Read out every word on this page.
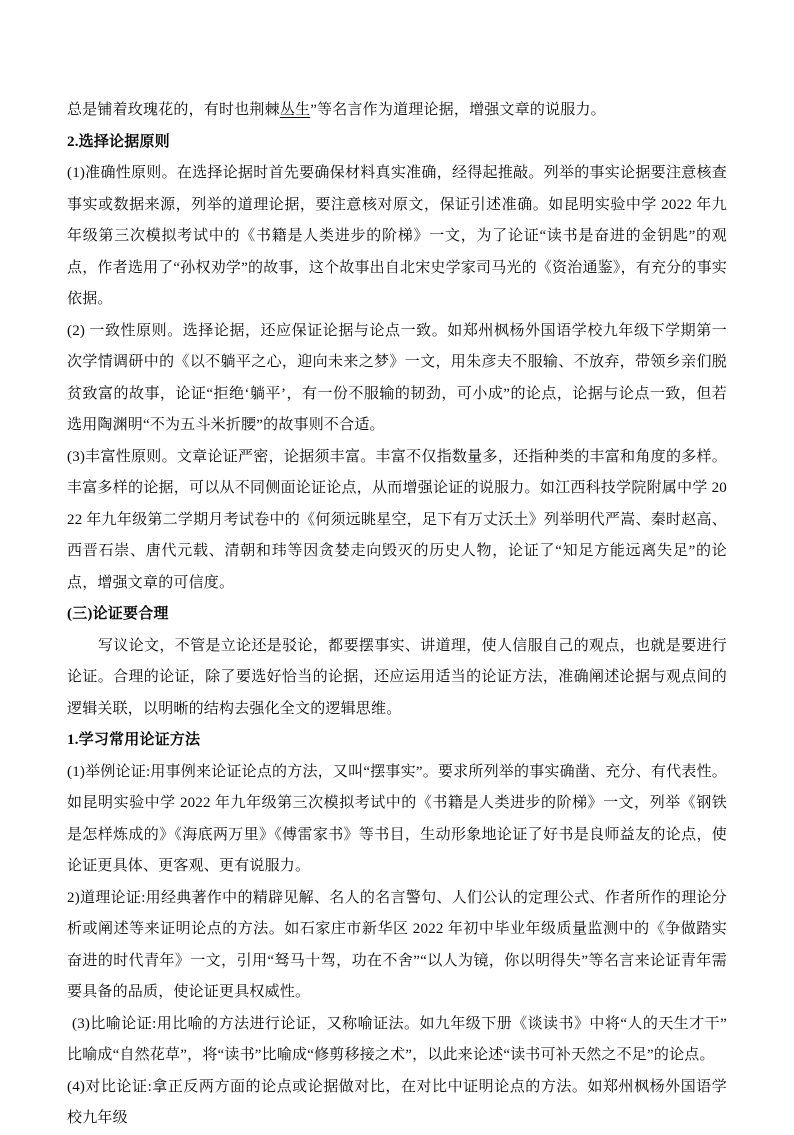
总是铺着玫瑰花的，有时也荆棘丛生”等名言作为道理论据，增强文章的说服力。

2.选择论据原则

(1)准确性原则。在选择论据时首先要确保材料真实准确，经得起推敲。列举的事实论据要注意核查事实或数据来源，列举的道理论据，要注意核对原文，保证引述准确。如昆明实验中学 2022 年九年级第三次模拟考试中的《书籍是人类进步的阶梯》一文，为了论证“读书是奋进的金钥匙”的观点，作者选用了“孙权劝学”的故事，这个故事出自北宋史学家司马光的《资治通鉴》，有充分的事实依据。

(2) 一致性原则。选择论据，还应保证论据与论点一致。如郑州枫杨外国语学校九年级下学期第一次学情调研中的《以不躺平之心，迎向未来之梦》一文，用朱彦夫不服输、不放弃，带领乡亲们脱贫致富的故事，论证“拒绝‘躺平’，有一份不服输的韧劲，可小成”的论点，论据与论点一致，但若选用陶渊明“不为五斗米折腰”的故事则不合适。

(3)丰富性原则。文章论证严密，论据须丰富。丰富不仅指数量多，还指种类的丰富和角度的多样。丰富多样的论据，可以从不同侧面论证论点，从而增强论证的说服力。如江西科技学院附属中学 2022 年九年级第二学期月考试卷中的《何须远眺星空，足下有万丈沃土》列举明代严嵩、秦时赵高、西晋石崇、唐代元载、清朝和玮等因贪婪走向毁灭的历史人物，论证了“知足方能远离失足”的论点，增强文章的可信度。

(三)论证要合理

写议论文，不管是立论还是驳论，都要摆事实、讲道理，使人信服自己的观点，也就是要进行论证。合理的论证，除了要选好恰当的论据，还应运用适当的论证方法，准确阐述论据与观点间的逻辑关联，以明晰的结构去强化全文的逻辑思维。

1.学习常用论证方法

(1)举例论证:用事例来论证论点的方法，又叫“摆事实”。要求所列举的事实确凿、充分、有代表性。如昆明实验中学 2022 年九年级第三次模拟考试中的《书籍是人类进步的阶梯》一文，列举《钢铁是怎样炼成的》《海底两万里》《傅雷家书》等书目，生动形象地论证了好书是良师益友的论点，使论证更具体、更客观、更有说服力。

2)道理论证:用经典著作中的精辟见解、名人的名言警句、人们公认的定理公式、作者所作的理论分析或阐述等来证明论点的方法。如石家庄市新华区 2022 年初中毕业年级质量监测中的《争做踏实奋进的时代青年》一文，引用“驽马十驾，功在不舍”“以人为镜，你以明得失”等名言来论证青年需要具备的品质，使论证更具权威性。

(3)比喻论证:用比喻的方法进行论证，又称喻证法。如九年级下册《谈读书》中将“人的天生才干”比喻成“自然花草”，将“读书”比喻成“修剪移接之术”，以此来论述“读书可补天然之不足”的论点。

(4)对比论证:拿正反两方面的论点或论据做对比，在对比中证明论点的方法。如郑州枫杨外国语学校九年级
